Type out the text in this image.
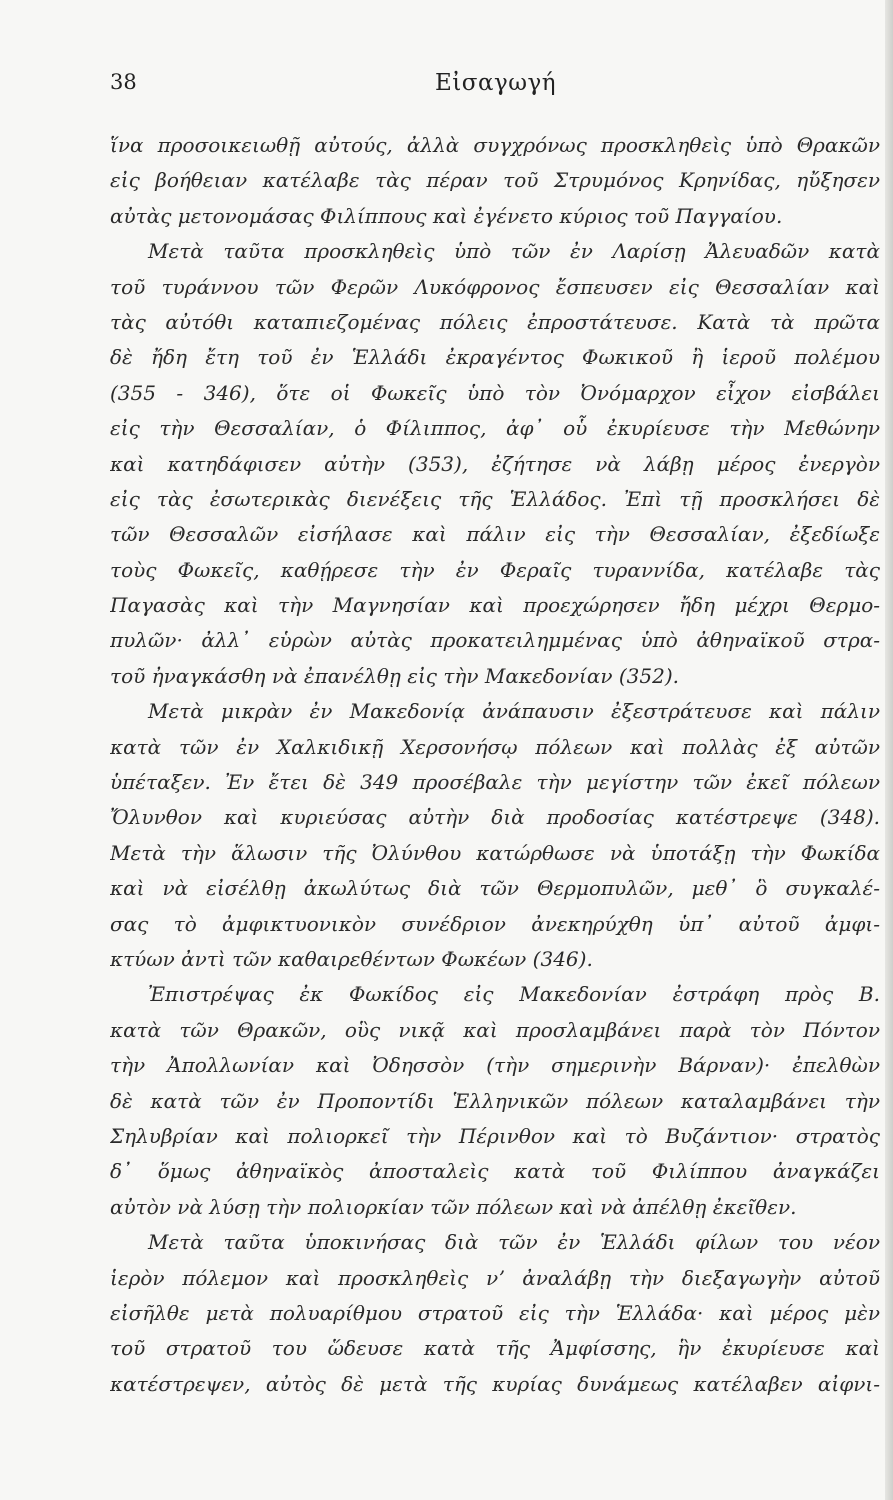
38	Εἰσαγωγή
ἵνα προσοικειωθῇ αὐτούς, ἀλλὰ συγχρόνως προσκληθεὶς ὑπὸ Θρακῶν
εἰς βοήθειαν κατέλαβε τὰς πέραν τοῦ Στρυμόνος Κρηνίδας, ηὔξησεν
αὐτὰς μετονομάσας Φιλίππους καὶ ἐγένετο κύριος τοῦ Παγγαίου.
Μετὰ ταῦτα προσκληθεὶς ὑπὸ τῶν ἐν Λαρίσῃ Ἀλευαδῶν κατὰ
τοῦ τυράννου τῶν Φερῶν Λυκόφρονος ἔσπευσεν εἰς Θεσσαλίαν καὶ
τὰς αὐτόθι καταπιεζομένας πόλεις ἐπροστάτευσε. Κατὰ τὰ πρῶτα
δὲ ἤδη ἔτη τοῦ ἐν Ἑλλάδι ἐκραγέντος Φωκικοῦ ἢ ἱεροῦ πολέμου
(355 - 346), ὅτε οἱ Φωκεῖς ὑπὸ τὸν Ὀνόμαρχον εἶχον εἰσβάλει
εἰς τὴν Θεσσαλίαν, ὁ Φίλιππος, ἀφ᾿ οὗ ἐκυρίευσε τὴν Μεθώνην
καὶ κατηδάφισεν αὐτὴν (353), ἐζήτησε νὰ λάβῃ μέρος ἐνεργὸν
εἰς τὰς ἐσωτερικὰς διενέξεις τῆς Ἑλλάδος. Ἐπὶ τῇ προσκλήσει δὲ
τῶν Θεσσαλῶν εἰσήλασε καὶ πάλιν εἰς τὴν Θεσσαλίαν, ἐξεδίωξε
τοὺς Φωκεῖς, καθῄρεσε τὴν ἐν Φεραῖς τυραννίδα, κατέλαβε τὰς
Παγασὰς καὶ τὴν Μαγνησίαν καὶ προεχώρησεν ἤδη μέχρι Θερμο-
πυλῶν· ἀλλ᾿ εὑρὼν αὐτὰς προκατειλημμένας ὑπὸ ἀθηναϊκοῦ στρα-
τοῦ ἠναγκάσθη νὰ ἐπανέλθῃ εἰς τὴν Μακεδονίαν (352).
Μετὰ μικρὰν ἐν Μακεδονίᾳ ἀνάπαυσιν ἐξεστράτευσε καὶ πάλιν
κατὰ τῶν ἐν Χαλκιδικῇ Χερσονήσῳ πόλεων καὶ πολλὰς ἐξ αὐτῶν
ὑπέταξεν. Ἐν ἔτει δὲ 349 προσέβαλε τὴν μεγίστην τῶν ἐκεῖ πόλεων
Ὄλυνθον καὶ κυριεύσας αὐτὴν διὰ προδοσίας κατέστρεψε (348).
Μετὰ τὴν ἅλωσιν τῆς Ὀλύνθου κατώρθωσε νὰ ὑποτάξῃ τὴν Φωκίδα
καὶ νὰ εἰσέλθῃ ἀκωλύτως διὰ τῶν Θερμοπυλῶν, μεθ᾿ ὃ συγκαλέ-
σας τὸ ἀμφικτυονικὸν συνέδριον ἀνεκηρύχθη ὑπ᾿ αὐτοῦ ἀμφι-
κτύων ἀντὶ τῶν καθαιρεθέντων Φωκέων (346).
Ἐπιστρέψας ἐκ Φωκίδος εἰς Μακεδονίαν ἐστράφη πρὸς Β.
κατὰ τῶν Θρακῶν, οὓς νικᾷ καὶ προσλαμβάνει παρὰ τὸν Πόντον
τὴν Ἀπολλωνίαν καὶ Ὀδησσὸν (τὴν σημερινὴν Βάρναν)· ἐπελθὼν
δὲ κατὰ τῶν ἐν Προποντίδι Ἑλληνικῶν πόλεων καταλαμβάνει τὴν
Σηλυβρίαν καὶ πολιορκεῖ τὴν Πέρινθον καὶ τὸ Βυζάντιον· στρατὸς
δ᾿ ὅμως ἀθηναϊκὸς ἀποσταλεὶς κατὰ τοῦ Φιλίππου ἀναγκάζει
αὐτὸν νὰ λύσῃ τὴν πολιορκίαν τῶν πόλεων καὶ νὰ ἀπέλθῃ ἐκεῖθεν.
Μετὰ ταῦτα ὑποκινήσας διὰ τῶν ἐν Ἑλλάδι φίλων του νέον
ἱερὸν πόλεμον καὶ προσκληθεὶς νʼ ἀναλάβῃ τὴν διεξαγωγὴν αὐτοῦ
εἰσῆλθε μετὰ πολυαρίθμου στρατοῦ εἰς τὴν Ἑλλάδα· καὶ μέρος μὲν
τοῦ στρατοῦ του ὥδευσε κατὰ τῆς Ἀμφίσσης, ἣν ἐκυρίευσε καὶ
κατέστρεψεν, αὐτὸς δὲ μετὰ τῆς κυρίας δυνάμεως κατέλαβεν αἰφνι-
